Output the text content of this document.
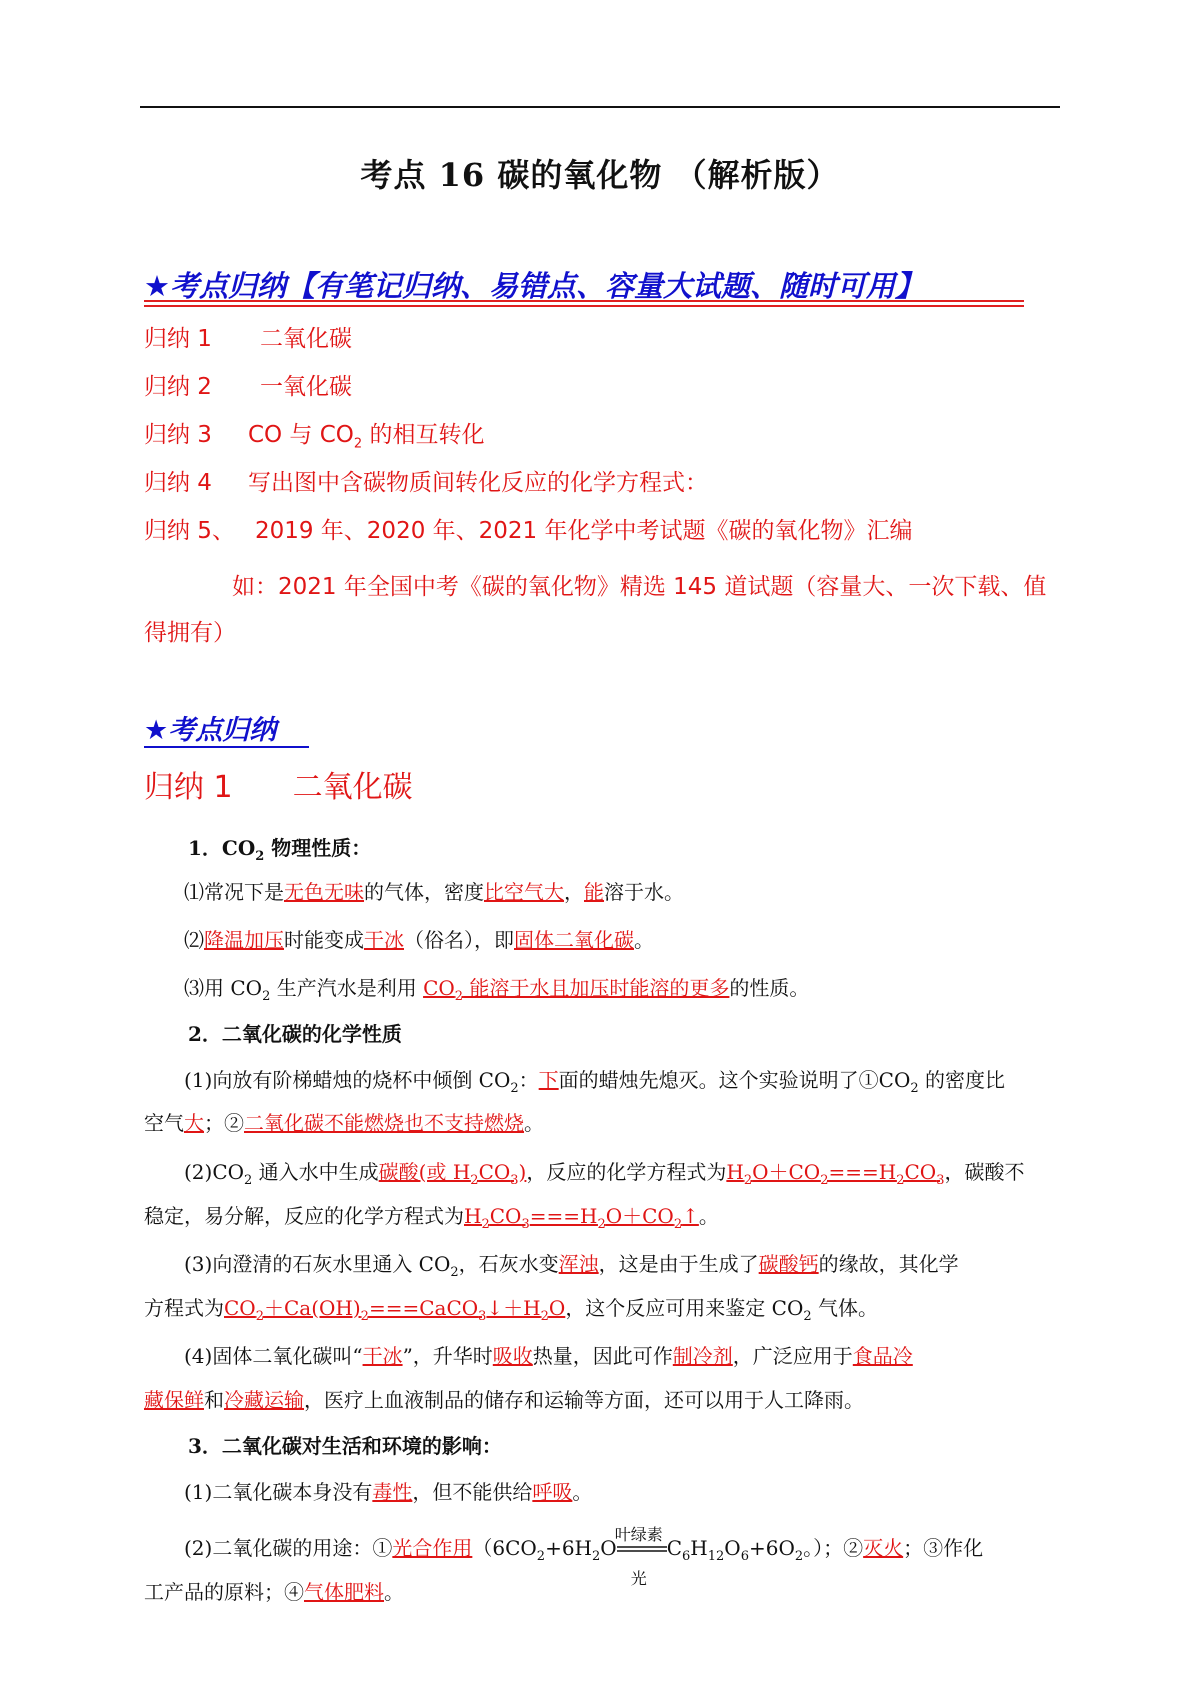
考点 16 碳的氧化物 （解析版）
★考点归纳【有笔记归纳、易错点、容量大试题、随时可用】
归纳 1 二氧化碳
归纳 2 一氧化碳
归纳 3 CO 与 $CO_2$ 的相互转化
归纳 4 写出图中含碳物质间转化反应的化学方程式：
归纳 5、 2019 年、2020 年、2021 年化学中考试题《碳的氧化物》汇编
如：2021 年全国中考《碳的氧化物》精选 145 道试题（容量大、一次下载、值
得拥有）
★考点归纳
归纳 1 二氧化碳
1．$CO_2$ 物理性质：
⑴常况下是无色无味的气体，密度比空气大，能溶于水。
⑵降温加压时能变成干冰（俗名），即固体二氧化碳。
⑶用 $CO_2$ 生产汽水是利用 $CO_2$ 能溶于水且加压时能溶的更多的性质。
2．二氧化碳的化学性质
(1)向放有阶梯蜡烛的烧杯中倾倒 $CO_2$：下面的蜡烛先熄灭。这个实验说明了$①CO_2$ 的密度比
空气大；②二氧化碳不能燃烧也不支持燃烧。
$(2)CO_2$ 通入水中生成碳酸(或 $H_2CO_3$)，反应的化学方程式为$H_2O+CO_2===H_2CO_3$，碳酸不
稳定，易分解，反应的化学方程式为$H_2CO_3===H_2O+CO_2↑$。
(3)向澄清的石灰水里通入 $CO_2$，石灰水变浑浊，这是由于生成了碳酸钙的缘故，其化学
方程式为$CO_2+Ca(OH)_2===CaCO_3↓+H_2O$，这个反应可用来鉴定 $CO_2$ 气体。
(4)固体二氧化碳叫“干冰”，升华时吸收热量，因此可作制冷剂，广泛应用于食品冷
藏保鲜和冷藏运输，医疗上血液制品的储存和运输等方面，还可以用于人工降雨。
3．二氧化碳对生活和环境的影响：
(1)二氧化碳本身没有毒性，但不能供给呼吸。
(2)二氧化碳的用途：①光合作用（$6CO_2+6H_2O$
叶绿素
光
$C_6H_{12}O_6+6O_2$。）；②灭火；③作化
工产品的原料；④气体肥料。
